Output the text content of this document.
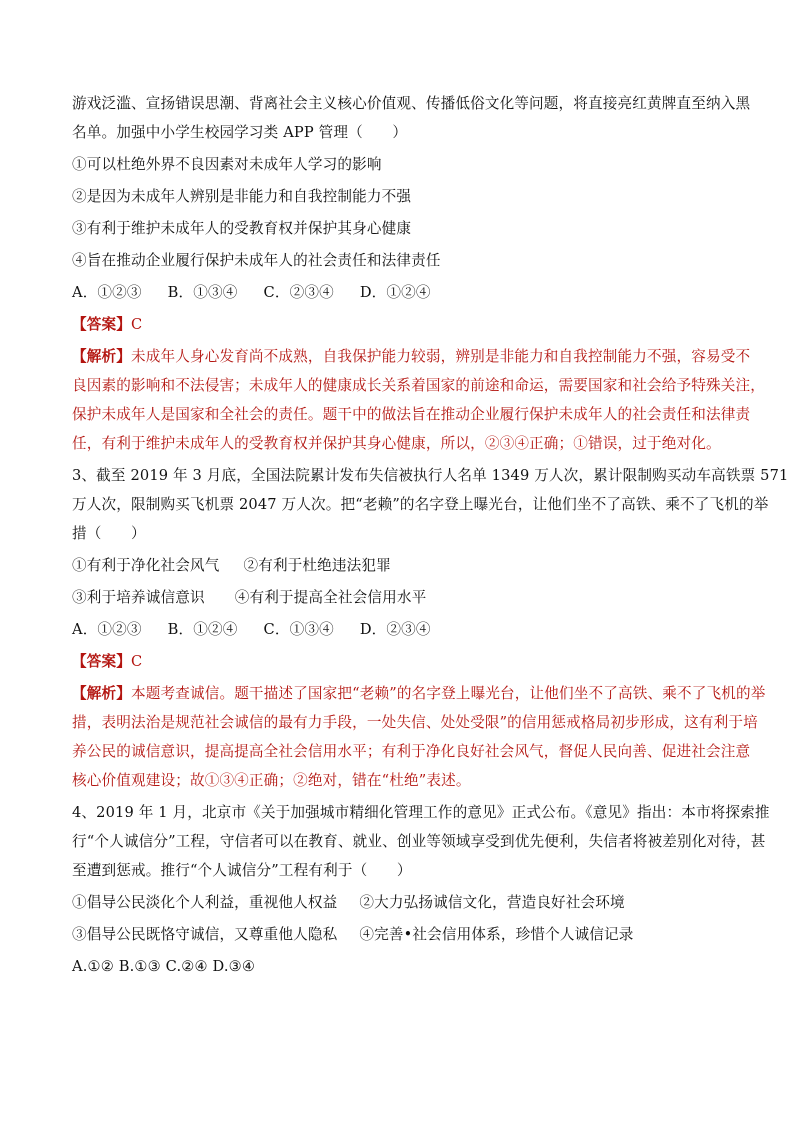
游戏泛滥、宣扬错误思潮、背离社会主义核心价值观、传播低俗文化等问题，将直接亮红黄牌直至纳入黑
名单。加强中小学生校园学习类 APP 管理（　　）
①可以杜绝外界不良因素对未成年人学习的影响
②是因为未成年人辨别是非能力和自我控制能力不强
③有利于维护未成年人的受教育权并保护其身心健康
④旨在推动企业履行保护未成年人的社会责任和法律责任
A．①②③ B．①③④ C．②③④ D．①②④
【答案】C
【解析】未成年人身心发育尚不成熟，自我保护能力较弱，辨别是非能力和自我控制能力不强，容易受不
良因素的影响和不法侵害；未成年人的健康成长关系着国家的前途和命运，需要国家和社会给予特殊关注，
保护未成年人是国家和全社会的责任。题干中的做法旨在推动企业履行保护未成年人的社会责任和法律责
任，有利于维护未成年人的受教育权并保护其身心健康，所以，②③④正确；①错误，过于绝对化。
3、截至 2019 年 3 月底，全国法院累计发布失信被执行人名单 1349 万人次，累计限制购买动车高铁票 571
万人次，限制购买飞机票 2047 万人次。把“老赖”的名字登上曝光台，让他们坐不了高铁、乘不了飞机的举
措（　　）
①有利于净化社会风气 ②有利于杜绝违法犯罪
③利于培养诚信意识 ④有利于提高全社会信用水平
A．①②③ B．①②④ C．①③④ D．②③④
【答案】C
【解析】本题考查诚信。题干描述了国家把“老赖”的名字登上曝光台，让他们坐不了高铁、乘不了飞机的举
措，表明法治是规范社会诚信的最有力手段，一处失信、处处受限”的信用惩戒格局初步形成，这有利于培
养公民的诚信意识，提高提高全社会信用水平；有利于净化良好社会风气，督促人民向善、促进社会注意
核心价值观建设；故①③④正确；②绝对，错在“杜绝”表述。
4、2019 年 1 月，北京市《关于加强城市精细化管理工作的意见》正式公布。《意见》指出：本市将探索推
行“个人诚信分”工程，守信者可以在教育、就业、创业等领域享受到优先便利，失信者将被差别化对待，甚
至遭到惩戒。推行“个人诚信分”工程有利于（　　）
①倡导公民淡化个人利益，重视他人权益 ②大力弘扬诚信文化，营造良好社会环境
③倡导公民既恪守诚信，又尊重他人隐私 ④完善•社会信用体系，珍惜个人诚信记录
A.①② B.①③ C.②④ D.③④
